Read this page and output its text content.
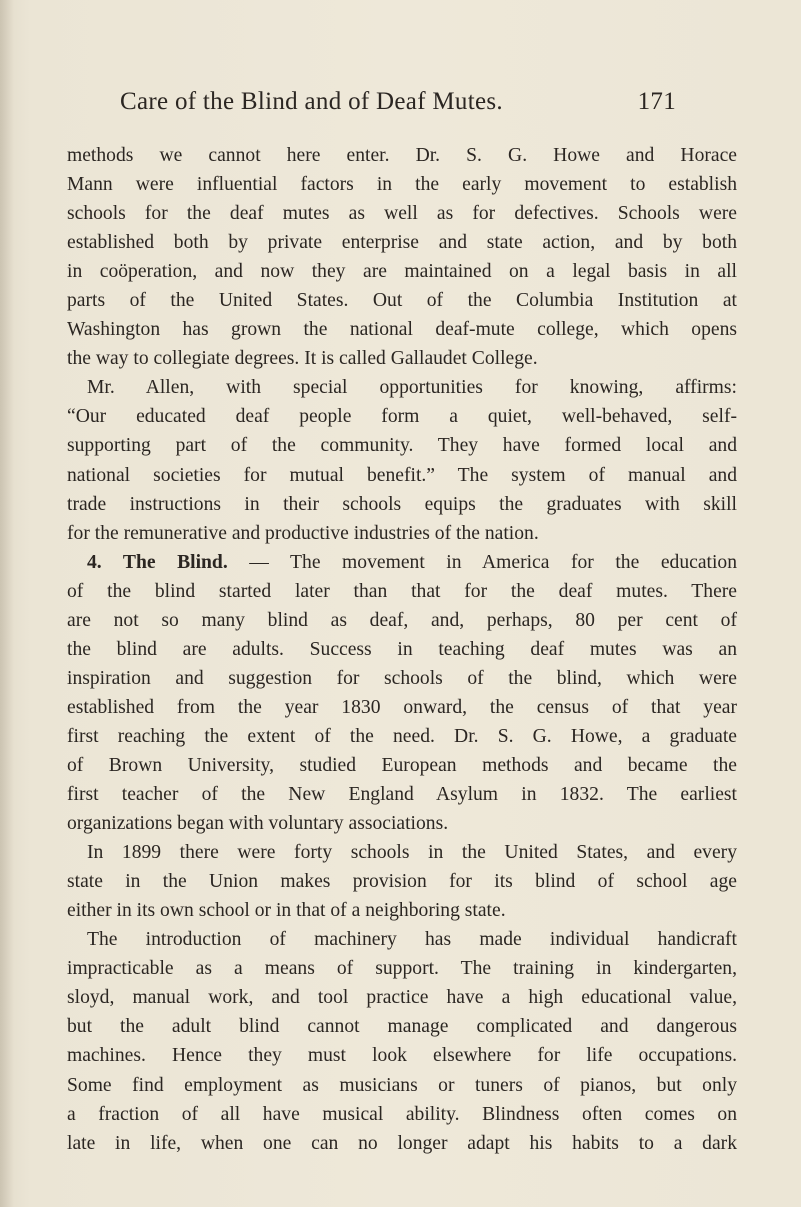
Care of the Blind and of Deaf Mutes.	171
methods we cannot here enter. Dr. S. G. Howe and Horace
Mann were influential factors in the early movement to establish
schools for the deaf mutes as well as for defectives. Schools were
established both by private enterprise and state action, and by both
in coöperation, and now they are maintained on a legal basis in all
parts of the United States. Out of the Columbia Institution at
Washington has grown the national deaf-mute college, which opens
the way to collegiate degrees. It is called Gallaudet College.
Mr. Allen, with special opportunities for knowing, affirms:
“Our educated deaf people form a quiet, well-behaved, self-
supporting part of the community. They have formed local and
national societies for mutual benefit.” The system of manual and
trade instructions in their schools equips the graduates with skill
for the remunerative and productive industries of the nation.
4. The Blind. — The movement in America for the education
of the blind started later than that for the deaf mutes. There
are not so many blind as deaf, and, perhaps, 80 per cent of
the blind are adults. Success in teaching deaf mutes was an
inspiration and suggestion for schools of the blind, which were
established from the year 1830 onward, the census of that year
first reaching the extent of the need. Dr. S. G. Howe, a graduate
of Brown University, studied European methods and became the
first teacher of the New England Asylum in 1832. The earliest
organizations began with voluntary associations.
In 1899 there were forty schools in the United States, and every
state in the Union makes provision for its blind of school age
either in its own school or in that of a neighboring state.
The introduction of machinery has made individual handicraft
impracticable as a means of support. The training in kindergarten,
sloyd, manual work, and tool practice have a high educational value,
but the adult blind cannot manage complicated and dangerous
machines. Hence they must look elsewhere for life occupations.
Some find employment as musicians or tuners of pianos, but only
a fraction of all have musical ability. Blindness often comes on
late in life, when one can no longer adapt his habits to a dark
